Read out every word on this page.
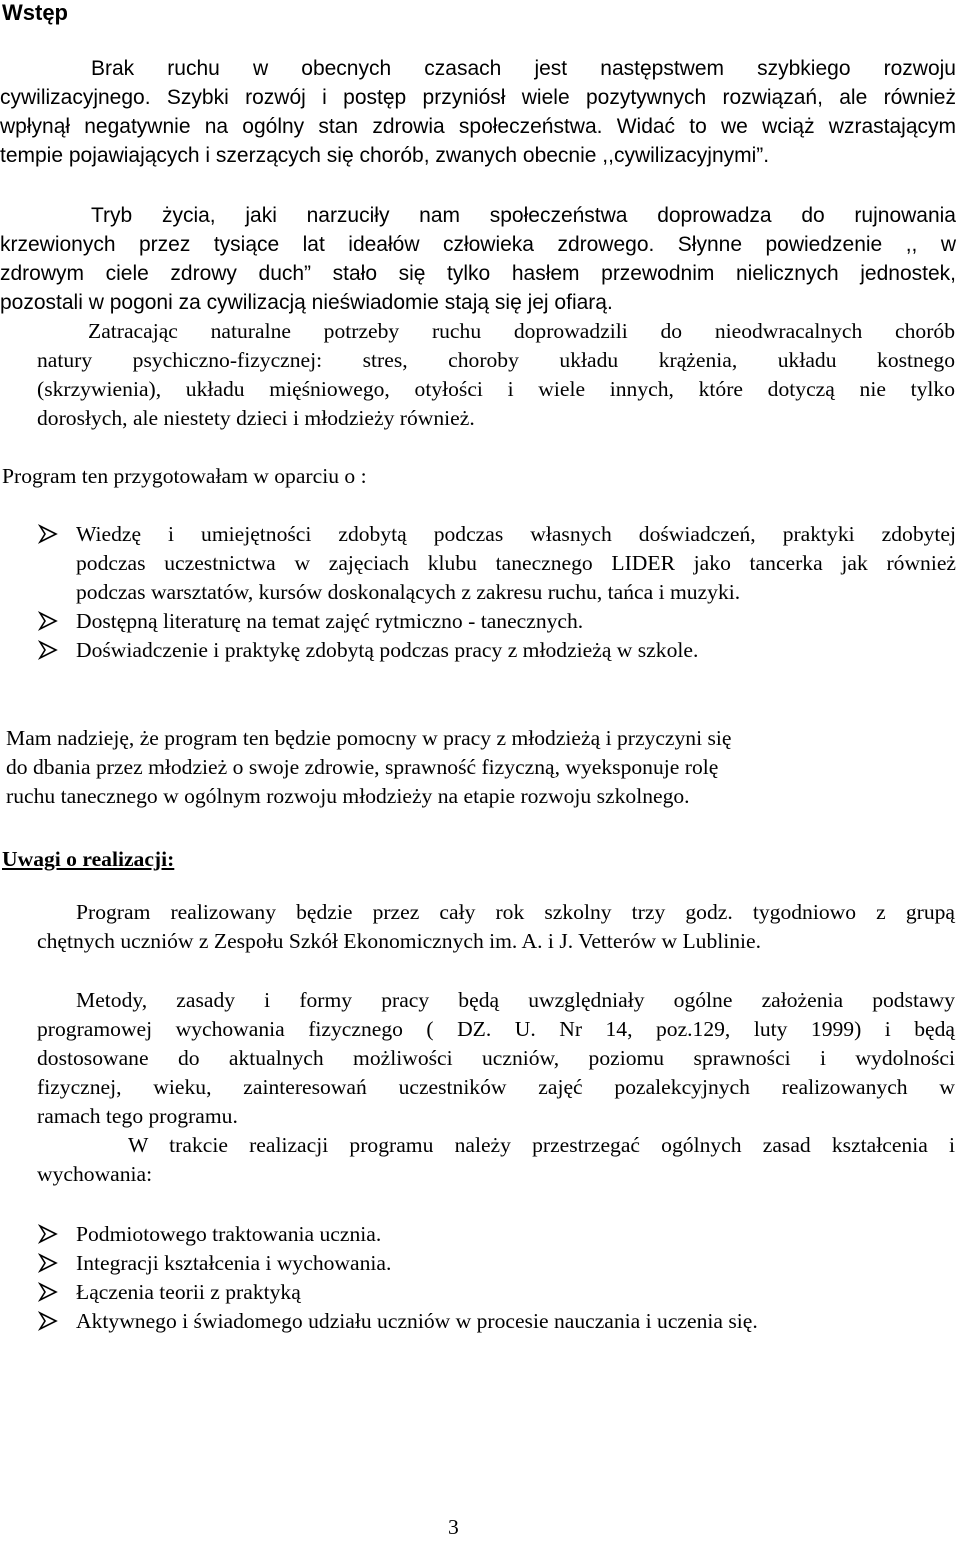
Wstęp
Brak ruchu w obecnych czasach jest następstwem szybkiego rozwoju
cywilizacyjnego. Szybki rozwój i postęp przyniósł wiele pozytywnych rozwiązań, ale również
wpłynął negatywnie na ogólny stan zdrowia społeczeństwa. Widać to we wciąż wzrastającym
tempie pojawiających i szerzących się chorób, zwanych obecnie ,,cywilizacyjnymi”.
Tryb życia, jaki narzuciły nam społeczeństwa doprowadza do rujnowania
krzewionych przez tysiące lat ideałów człowieka zdrowego. Słynne powiedzenie ,, w
zdrowym ciele zdrowy duch” stało się tylko hasłem przewodnim nielicznych jednostek,
pozostali w pogoni za cywilizacją nieświadomie stają się jej ofiarą.
Zatracając naturalne potrzeby ruchu doprowadzili do nieodwracalnych chorób
natury psychiczno-fizycznej: stres, choroby układu krążenia, układu kostnego
(skrzywienia), układu mięśniowego, otyłości i wiele innych, które dotyczą nie tylko
dorosłych, ale niestety dzieci i młodzieży również.
Program ten przygotowałam w oparciu o :
Wiedzę i umiejętności zdobytą podczas własnych doświadczeń, praktyki zdobytej
podczas uczestnictwa w zajęciach klubu tanecznego LIDER jako tancerka jak również
podczas warsztatów, kursów doskonalących z zakresu ruchu, tańca i muzyki.
Dostępną literaturę na temat zajęć rytmiczno - tanecznych.
Doświadczenie i praktykę zdobytą podczas pracy z młodzieżą w szkole.
Mam nadzieję, że program ten będzie pomocny w pracy z młodzieżą i przyczyni się
do dbania przez młodzież o swoje zdrowie, sprawność fizyczną, wyeksponuje rolę
ruchu tanecznego w ogólnym rozwoju młodzieży na etapie rozwoju szkolnego.
Uwagi o realizacji:
Program realizowany będzie przez cały rok szkolny trzy godz. tygodniowo z grupą
chętnych uczniów z Zespołu Szkół Ekonomicznych im. A. i J. Vetterów w Lublinie.
Metody, zasady i formy pracy będą uwzględniały ogólne założenia podstawy
programowej wychowania fizycznego ( DZ. U. Nr 14, poz.129, luty 1999) i będą
dostosowane do aktualnych możliwości uczniów, poziomu sprawności i wydolności
fizycznej, wieku, zainteresowań uczestników zajęć pozalekcyjnych realizowanych w
ramach tego programu.
W trakcie realizacji programu należy przestrzegać ogólnych zasad kształcenia i
wychowania:
Podmiotowego traktowania ucznia.
Integracji kształcenia i wychowania.
Łączenia teorii z praktyką
Aktywnego i świadomego udziału uczniów w procesie nauczania i uczenia się.
3
